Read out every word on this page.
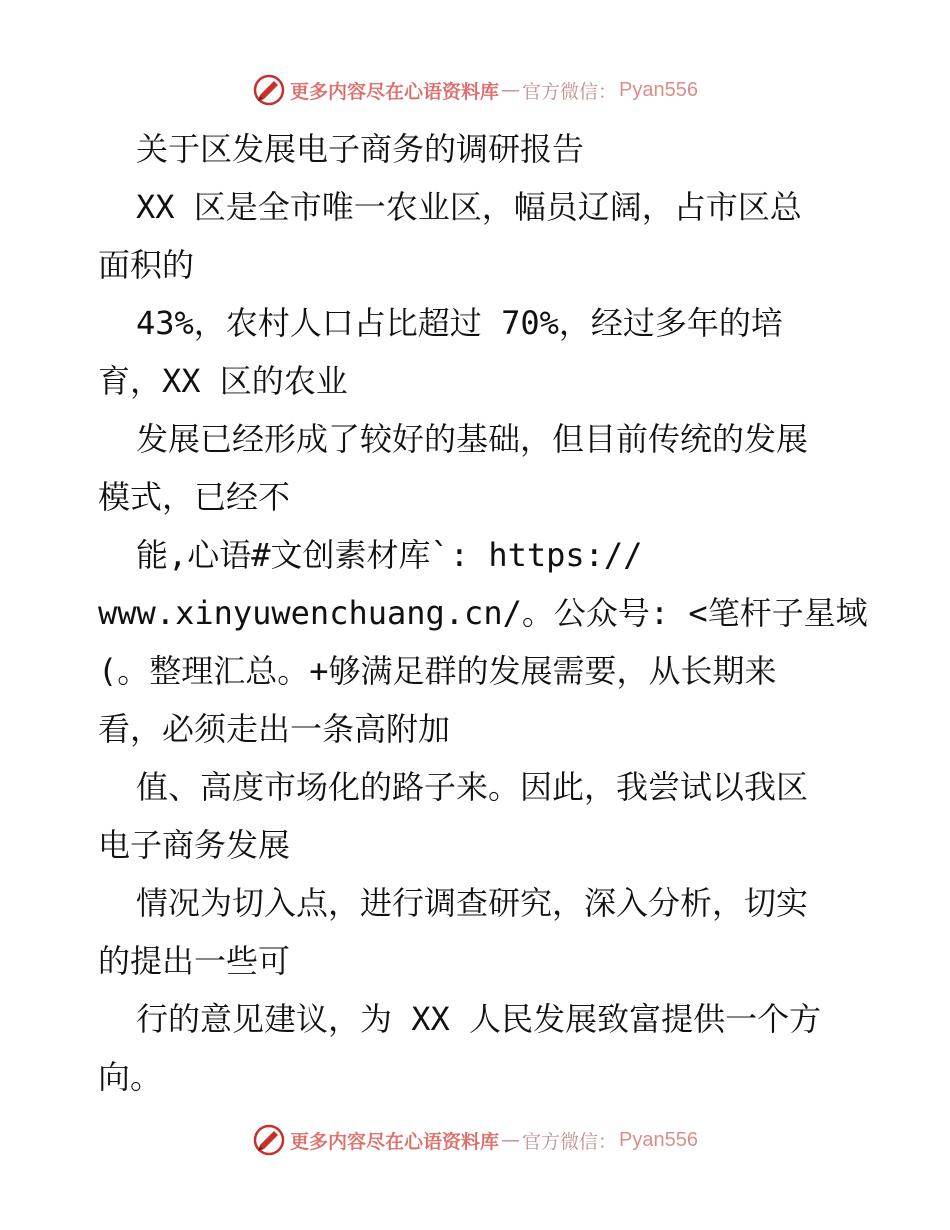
更多内容尽在心语资料库 — 官方微信： Pyan556

关于区发展电子商务的调研报告

XX 区是全市唯一农业区，幅员辽阔，占市区总

面积的

43%，农村人口占比超过 70%，经过多年的培

育，XX 区的农业

发展已经形成了较好的基础，但目前传统的发展

模式，已经不

能,心语#文创素材库`: https://

www.xinyuwenchuang.cn/。公众号: <笔杆子星域

(。整理汇总。+够满足群的发展需要，从长期来

看，必须走出一条高附加

值、高度市场化的路子来。因此，我尝试以我区

电子商务发展

情况为切入点，进行调查研究，深入分析，切实

的提出一些可

行的意见建议，为 XX 人民发展致富提供一个方

向。

更多内容尽在心语资料库 — 官方微信： Pyan556
